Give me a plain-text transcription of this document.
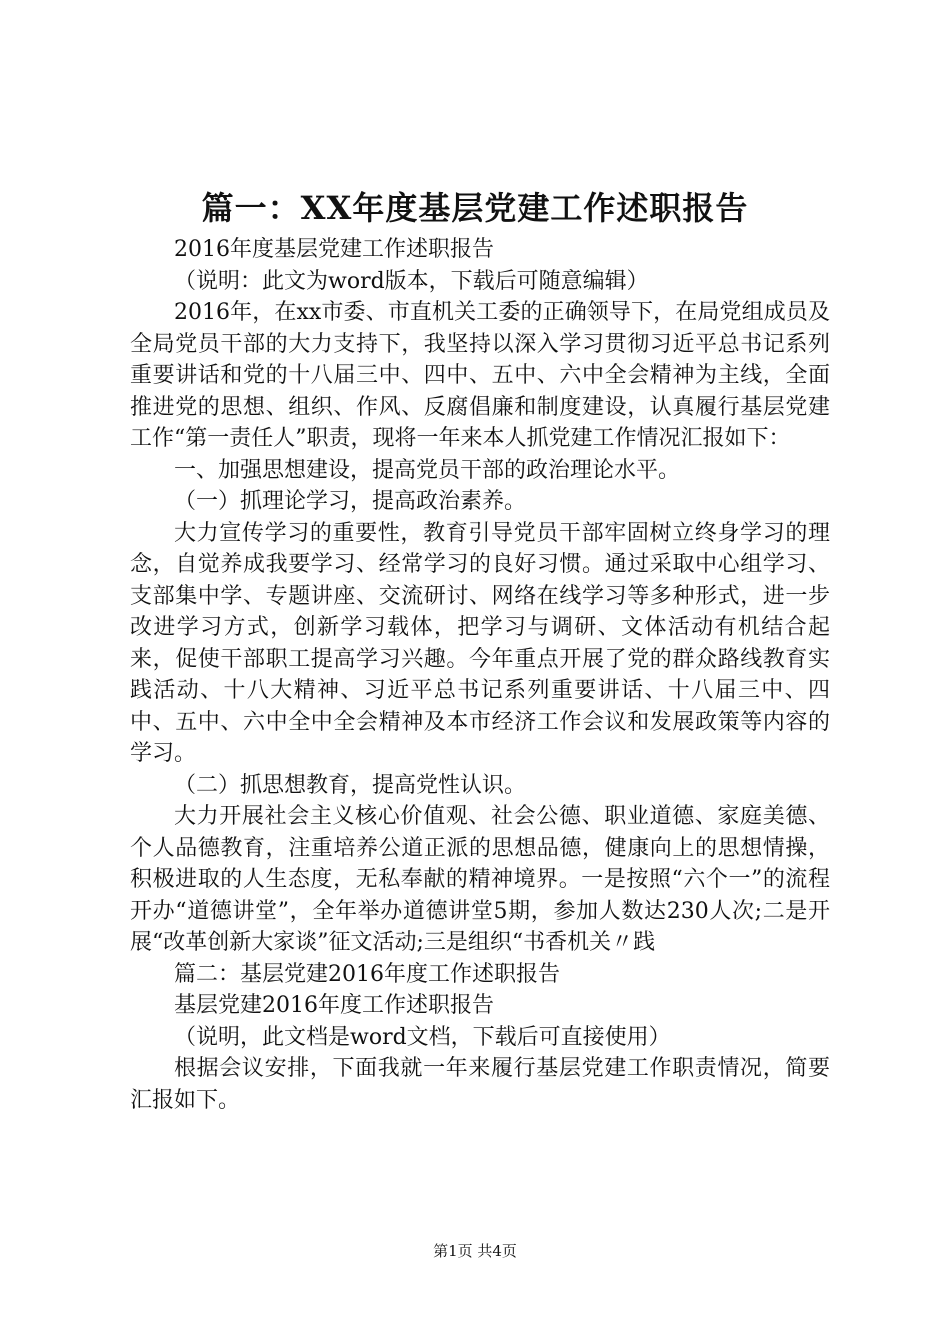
篇一：XX年度基层党建工作述职报告

2016年度基层党建工作述职报告

（说明：此文为word版本，下载后可随意编辑）

2016年，在xx市委、市直机关工委的正确领导下，在局党组成员及全局党员干部的大力支持下，我坚持以深入学习贯彻习近平总书记系列重要讲话和党的十八届三中、四中、五中、六中全会精神为主线，全面推进党的思想、组织、作风、反腐倡廉和制度建设，认真履行基层党建工作“第一责任人”职责，现将一年来本人抓党建工作情况汇报如下：

一、加强思想建设，提高党员干部的政治理论水平。

（一）抓理论学习，提高政治素养。

大力宣传学习的重要性，教育引导党员干部牢固树立终身学习的理念，自觉养成我要学习、经常学习的良好习惯。通过采取中心组学习、支部集中学、专题讲座、交流研讨、网络在线学习等多种形式，进一步改进学习方式，创新学习载体，把学习与调研、文体活动有机结合起来，促使干部职工提高学习兴趣。今年重点开展了党的群众路线教育实践活动、十八大精神、习近平总书记系列重要讲话、十八届三中、四中、五中、六中全中全会精神及本市经济工作会议和发展政策等内容的学习。

（二）抓思想教育，提高党性认识。

大力开展社会主义核心价值观、社会公德、职业道德、家庭美德、个人品德教育，注重培养公道正派的思想品德，健康向上的思想情操，积极进取的人生态度，无私奉献的精神境界。一是按照“六个一”的流程开办“道德讲堂”，全年举办道德讲堂5期，参加人数达230人次;二是开展“改革创新大家谈”征文活动;三是组织“书香机关〃践

篇二：基层党建2016年度工作述职报告

基层党建2016年度工作述职报告

（说明，此文档是word文档，下载后可直接使用）

根据会议安排，下面我就一年来履行基层党建工作职责情况，简要汇报如下。

第1页 共4页
